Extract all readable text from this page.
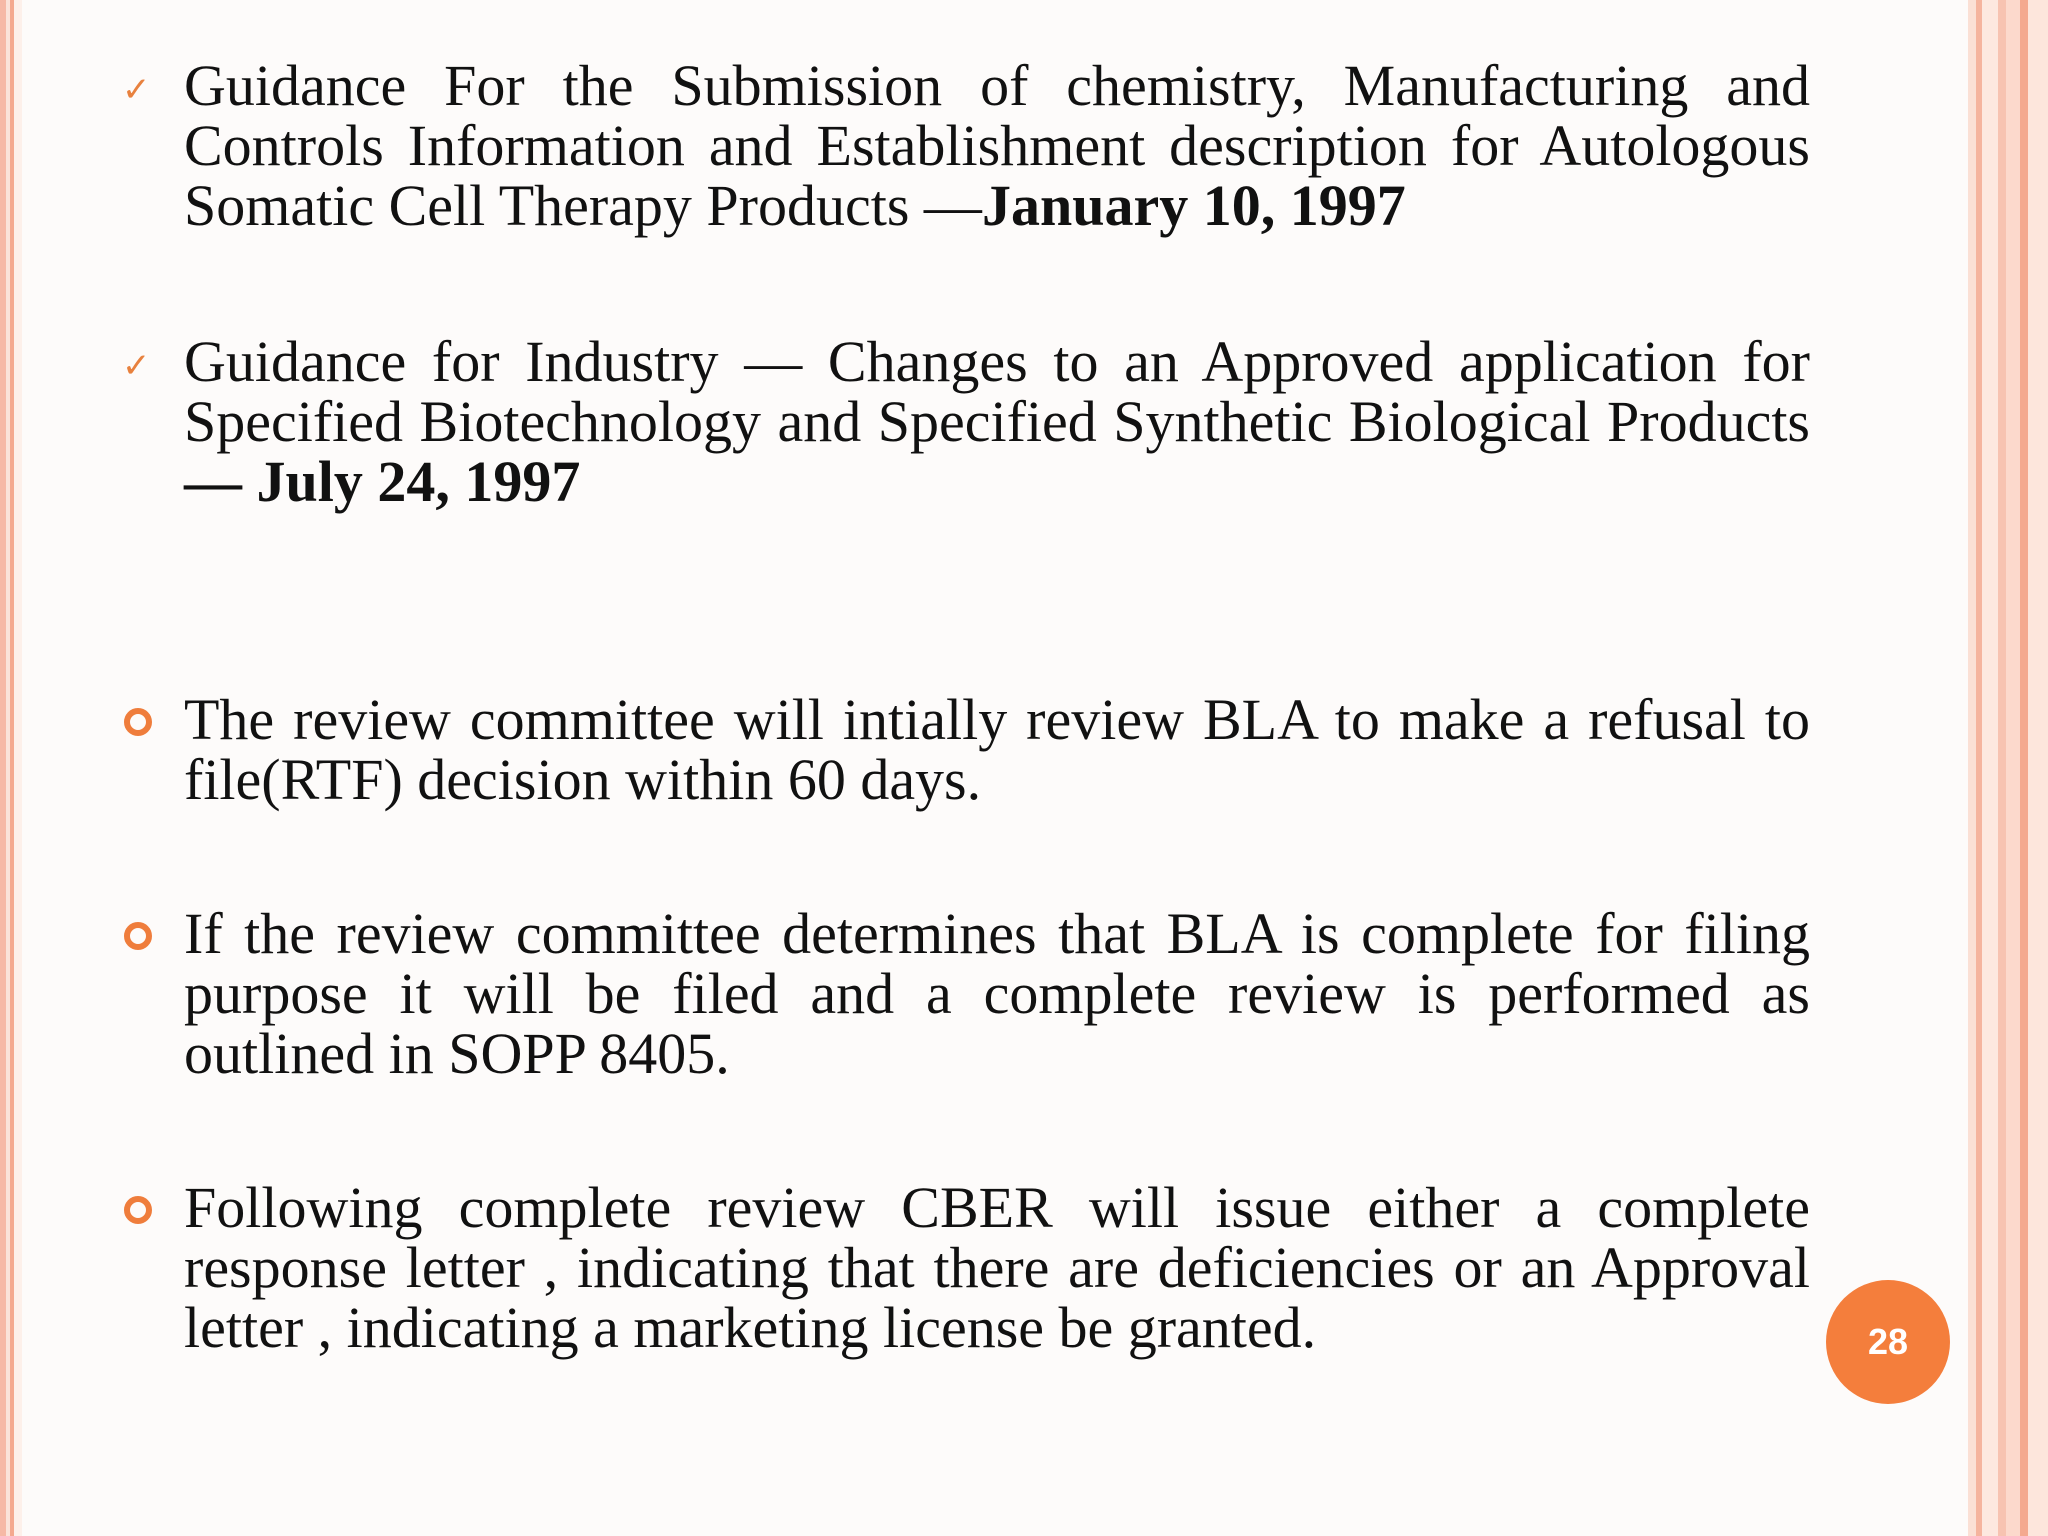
✓ Guidance For the Submission of chemistry, Manufacturing and Controls Information and Establishment description for Autologous Somatic Cell Therapy Products —January 10, 1997
✓ Guidance for Industry — Changes to an Approved application for Specified Biotechnology and Specified Synthetic Biological Products — July 24, 1997
The review committee will intially review BLA to make a refusal to file(RTF) decision within 60 days.
If the review committee determines that BLA is complete for filing purpose it will be filed and a complete review is performed as outlined in SOPP 8405.
Following complete review CBER will issue either a complete response letter , indicating that there are deficiencies or an Approval letter , indicating a marketing license be granted.	28
